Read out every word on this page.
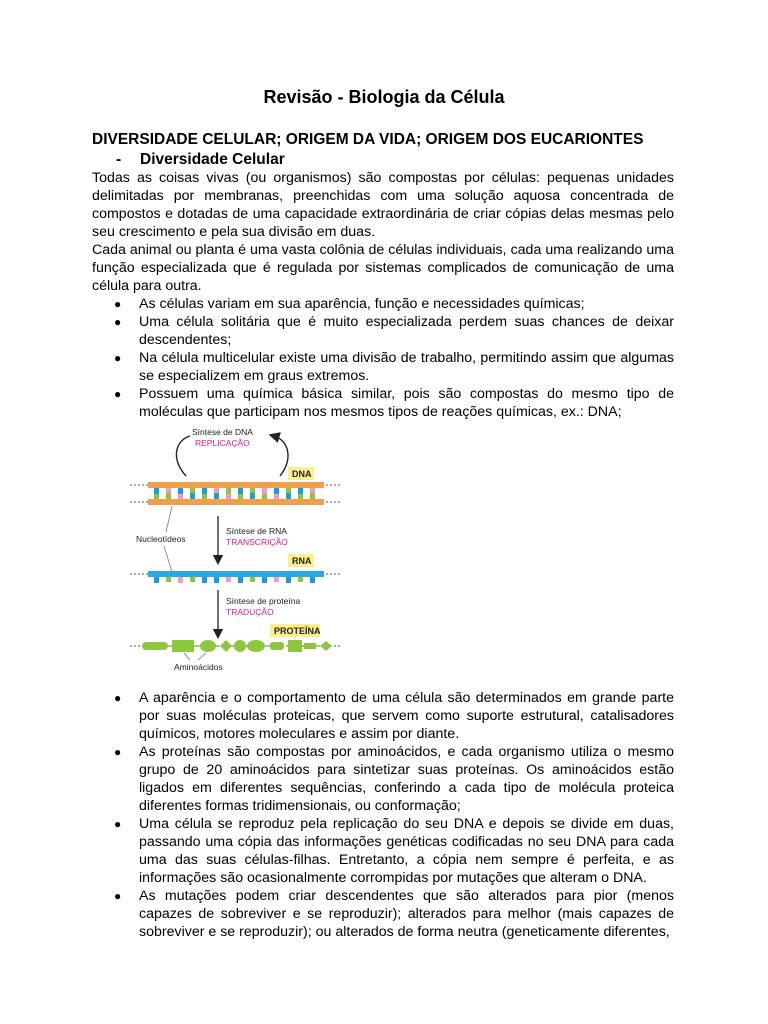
Revisão - Biologia da Célula
DIVERSIDADE CELULAR; ORIGEM DA VIDA; ORIGEM DOS EUCARIONTES
- Diversidade Celular

Todas as coisas vivas (ou organismos) são compostas por células: pequenas unidades delimitadas por membranas, preenchidas com uma solução aquosa concentrada de compostos e dotadas de uma capacidade extraordinária de criar cópias delas mesmas pelo seu crescimento e pela sua divisão em duas.

Cada animal ou planta é uma vasta colônia de células individuais, cada uma realizando uma função especializada que é regulada por sistemas complicados de comunicação de uma célula para outra.

●	As células variam em sua aparência, função e necessidades químicas;
●	Uma célula solitária que é muito especializada perdem suas chances de deixar descendentes;
●	Na célula multicelular existe uma divisão de trabalho, permitindo assim que algumas se especializem em graus extremos.
●	Possuem uma química básica similar, pois são compostas do mesmo tipo de moléculas que participam nos mesmos tipos de reações químicas, ex.: DNA;
Síntese de DNA
REPLICAÇÃO
DNA
Nucleotídeos
Síntese de RNA
TRANSCRIÇÃO
RNA
Síntese de proteína
TRADUÇÃO
PROTEÍNA
Aminoácidos
●	A aparência e o comportamento de uma célula são determinados em grande parte por suas moléculas proteicas, que servem como suporte estrutural, catalisadores químicos, motores moleculares e assim por diante.
●	As proteínas são compostas por aminoácidos, e cada organismo utiliza o mesmo grupo de 20 aminoácidos para sintetizar suas proteínas. Os aminoácidos estão ligados em diferentes sequências, conferindo a cada tipo de molécula proteica diferentes formas tridimensionais, ou conformação;
●	Uma célula se reproduz pela replicação do seu DNA e depois se divide em duas, passando uma cópia das informações genéticas codificadas no seu DNA para cada uma das suas células-filhas. Entretanto, a cópia nem sempre é perfeita, e as informações são ocasionalmente corrompidas por mutações que alteram o DNA.
●	As mutações podem criar descendentes que são alterados para pior (menos capazes de sobreviver e se reproduzir); alterados para melhor (mais capazes de sobreviver e se reproduzir); ou alterados de forma neutra (geneticamente diferentes,
